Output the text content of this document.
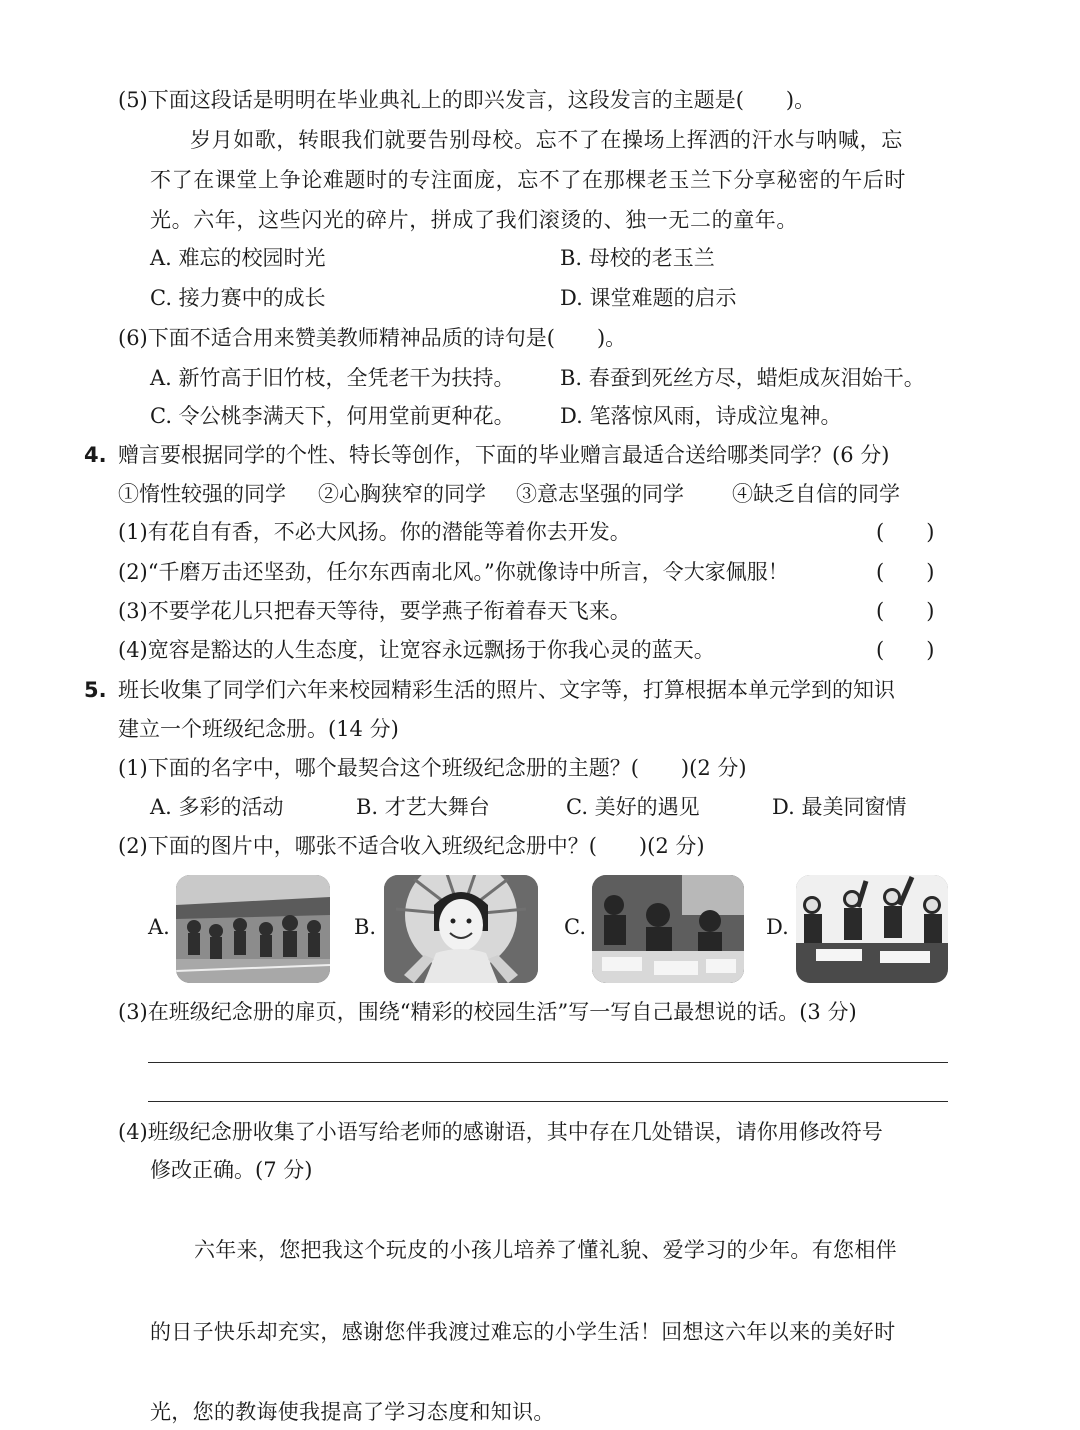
(5)下面这段话是明明在毕业典礼上的即兴发言，这段发言的主题是(　　)。
岁月如歌，转眼我们就要告别母校。忘不了在操场上挥洒的汗水与呐喊，忘
不了在课堂上争论难题时的专注面庞，忘不了在那棵老玉兰下分享秘密的午后时
光。六年，这些闪光的碎片，拼成了我们滚烫的、独一无二的童年。
A. 难忘的校园时光	B. 母校的老玉兰
C. 接力赛中的成长	D. 课堂难题的启示
(6)下面不适合用来赞美教师精神品质的诗句是(　　)。
A. 新竹高于旧竹枝，全凭老干为扶持。 B. 春蚕到死丝方尽，蜡炬成灰泪始干。
C. 令公桃李满天下，何用堂前更种花。 D. 笔落惊风雨，诗成泣鬼神。
4. 赠言要根据同学的个性、特长等创作，下面的毕业赠言最适合送给哪类同学？(6 分)
①惰性较强的同学 ②心胸狭窄的同学 ③意志坚强的同学 ④缺乏自信的同学
(1)有花自有香，不必大风扬。你的潜能等着你去开发。	(　　)
(2)“千磨万击还坚劲，任尔东西南北风。”你就像诗中所言，令大家佩服！	(　　)
(3)不要学花儿只把春天等待，要学燕子衔着春天飞来。	(　　)
(4)宽容是豁达的人生态度，让宽容永远飘扬于你我心灵的蓝天。	(　　)
5. 班长收集了同学们六年来校园精彩生活的照片、文字等，打算根据本单元学到的知识
建立一个班级纪念册。(14 分)
(1)下面的名字中，哪个最契合这个班级纪念册的主题？(　　)(2 分)
A. 多彩的活动	B. 才艺大舞台	C. 美好的遇见	D. 最美同窗情
(2)下面的图片中，哪张不适合收入班级纪念册中？(　　)(2 分)
A.	B.	C.	D.
(3)在班级纪念册的扉页，围绕“精彩的校园生活”写一写自己最想说的话。(3 分)
(4)班级纪念册收集了小语写给老师的感谢语，其中存在几处错误，请你用修改符号
修改正确。(7 分)
六年来，您把我这个玩皮的小孩儿培养了懂礼貌、爱学习的少年。有您相伴
的日子快乐却充实，感谢您伴我渡过难忘的小学生活！回想这六年以来的美好时
光，您的教诲使我提高了学习态度和知识。
